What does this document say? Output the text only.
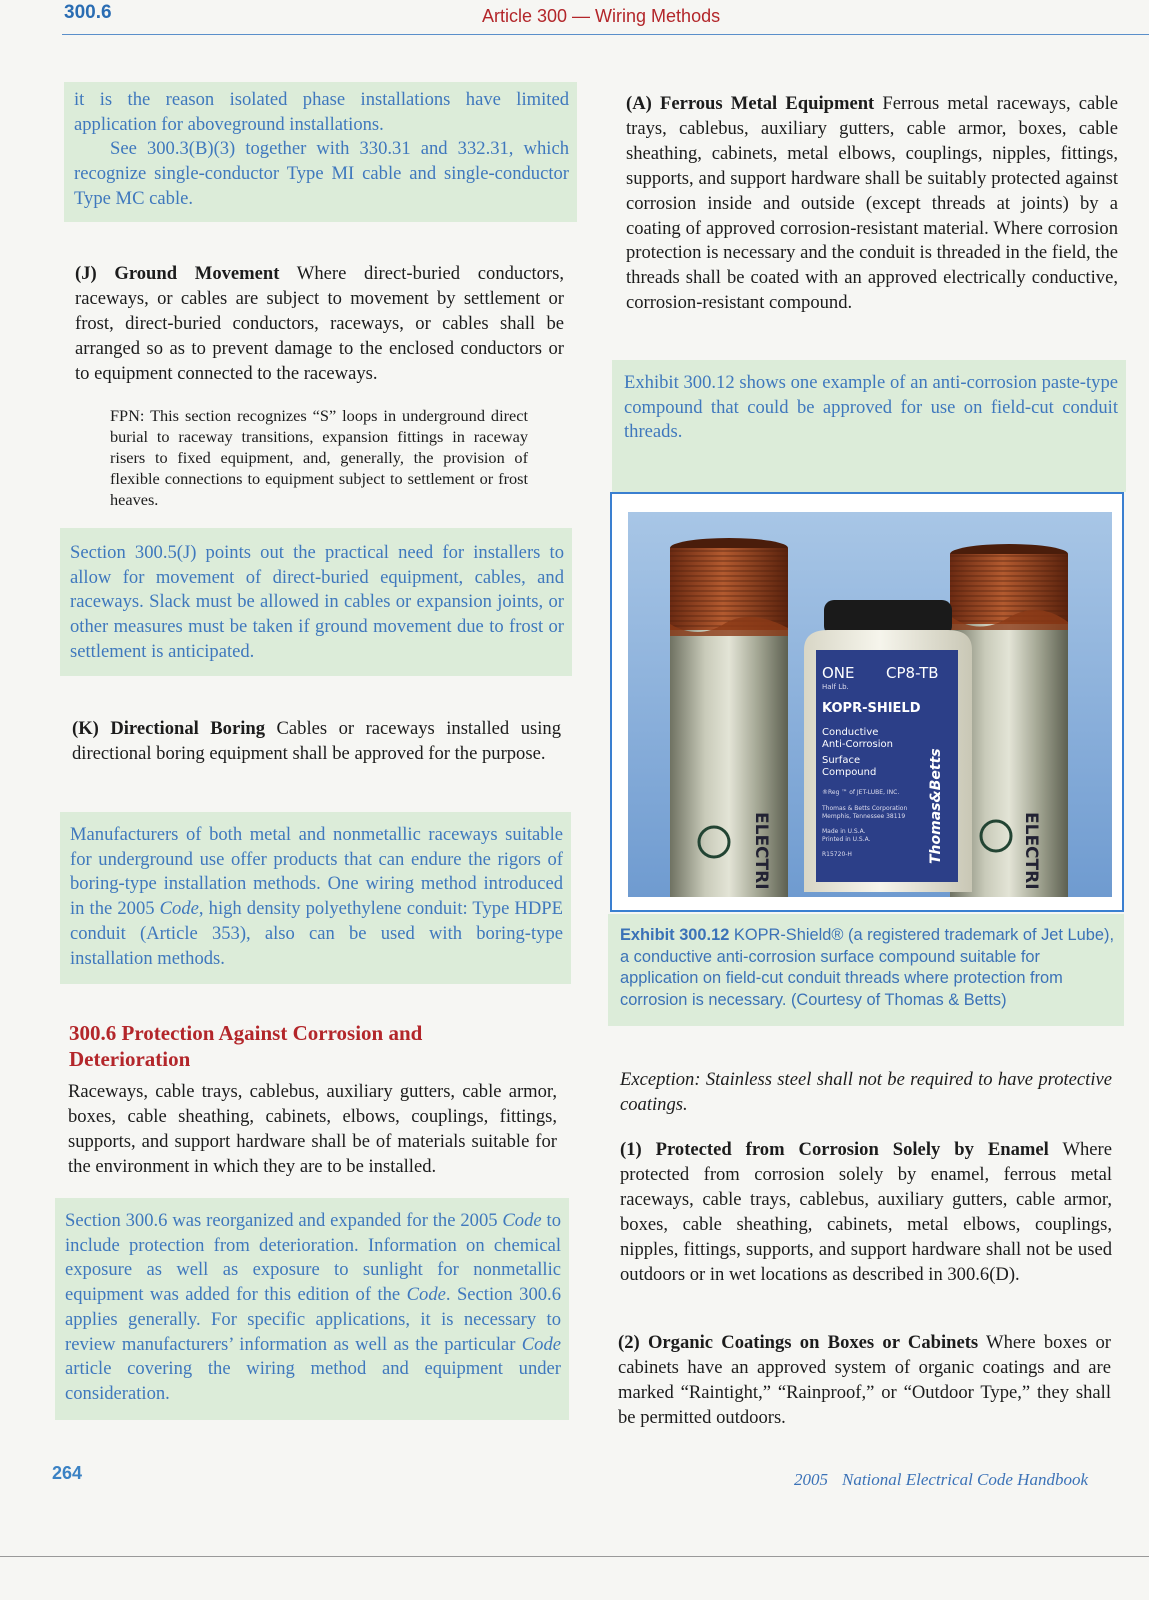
300.6	Article 300 — Wiring Methods

it is the reason isolated phase installations have limited application for aboveground installations.
See 300.3(B)(3) together with 330.31 and 332.31, which recognize single-conductor Type MI cable and single-conductor Type MC cable.

(J) Ground Movement Where direct-buried conductors, raceways, or cables are subject to movement by settlement or frost, direct-buried conductors, raceways, or cables shall be arranged so as to prevent damage to the enclosed conductors or to equipment connected to the raceways.

FPN: This section recognizes “S” loops in underground direct burial to raceway transitions, expansion fittings in raceway risers to fixed equipment, and, generally, the provision of flexible connections to equipment subject to settlement or frost heaves.

Section 300.5(J) points out the practical need for installers to allow for movement of direct-buried equipment, cables, and raceways. Slack must be allowed in cables or expansion joints, or other measures must be taken if ground movement due to frost or settlement is anticipated.

(K) Directional Boring Cables or raceways installed using directional boring equipment shall be approved for the purpose.

Manufacturers of both metal and nonmetallic raceways suitable for underground use offer products that can endure the rigors of boring-type installation methods. One wiring method introduced in the 2005 Code, high density polyethylene conduit: Type HDPE conduit (Article 353), also can be used with boring-type installation methods.

300.6 Protection Against Corrosion and Deterioration

Raceways, cable trays, cablebus, auxiliary gutters, cable armor, boxes, cable sheathing, cabinets, elbows, couplings, fittings, supports, and support hardware shall be of materials suitable for the environment in which they are to be installed.

Section 300.6 was reorganized and expanded for the 2005 Code to include protection from deterioration. Information on chemical exposure as well as exposure to sunlight for nonmetallic equipment was added for this edition of the Code. Section 300.6 applies generally. For specific applications, it is necessary to review manufacturers’ information as well as the particular Code article covering the wiring method and equipment under consideration.

(A) Ferrous Metal Equipment Ferrous metal raceways, cable trays, cablebus, auxiliary gutters, cable armor, boxes, cable sheathing, cabinets, metal elbows, couplings, nipples, fittings, supports, and support hardware shall be suitably protected against corrosion inside and outside (except threads at joints) by a coating of approved corrosion-resistant material. Where corrosion protection is necessary and the conduit is threaded in the field, the threads shall be coated with an approved electrically conductive, corrosion-resistant compound.

Exhibit 300.12 shows one example of an anti-corrosion paste-type compound that could be approved for use on field-cut conduit threads.

ELECTRI	ELECTRI
ONE CP8-TB
Half Lb.
KOPR-SHIELD
Conductive
Anti-Corrosion
Surface
Compound
®Reg ™ of JET-LUBE, INC.
Thomas & Betts Corporation
Memphis, Tennessee 38119
Made in U.S.A.
Printed in U.S.A.
R15720-H	Thomas&Betts

Exhibit 300.12 KOPR-Shield® (a registered trademark of Jet Lube), a conductive anti-corrosion surface compound suitable for application on field-cut conduit threads where protection from corrosion is necessary. (Courtesy of Thomas & Betts)

Exception: Stainless steel shall not be required to have protective coatings.

(1) Protected from Corrosion Solely by Enamel Where protected from corrosion solely by enamel, ferrous metal raceways, cable trays, cablebus, auxiliary gutters, cable armor, boxes, cable sheathing, cabinets, metal elbows, couplings, nipples, fittings, supports, and support hardware shall not be used outdoors or in wet locations as described in 300.6(D).

(2) Organic Coatings on Boxes or Cabinets Where boxes or cabinets have an approved system of organic coatings and are marked “Raintight,” “Rainproof,” or “Outdoor Type,” they shall be permitted outdoors.

264	2005 National Electrical Code Handbook
